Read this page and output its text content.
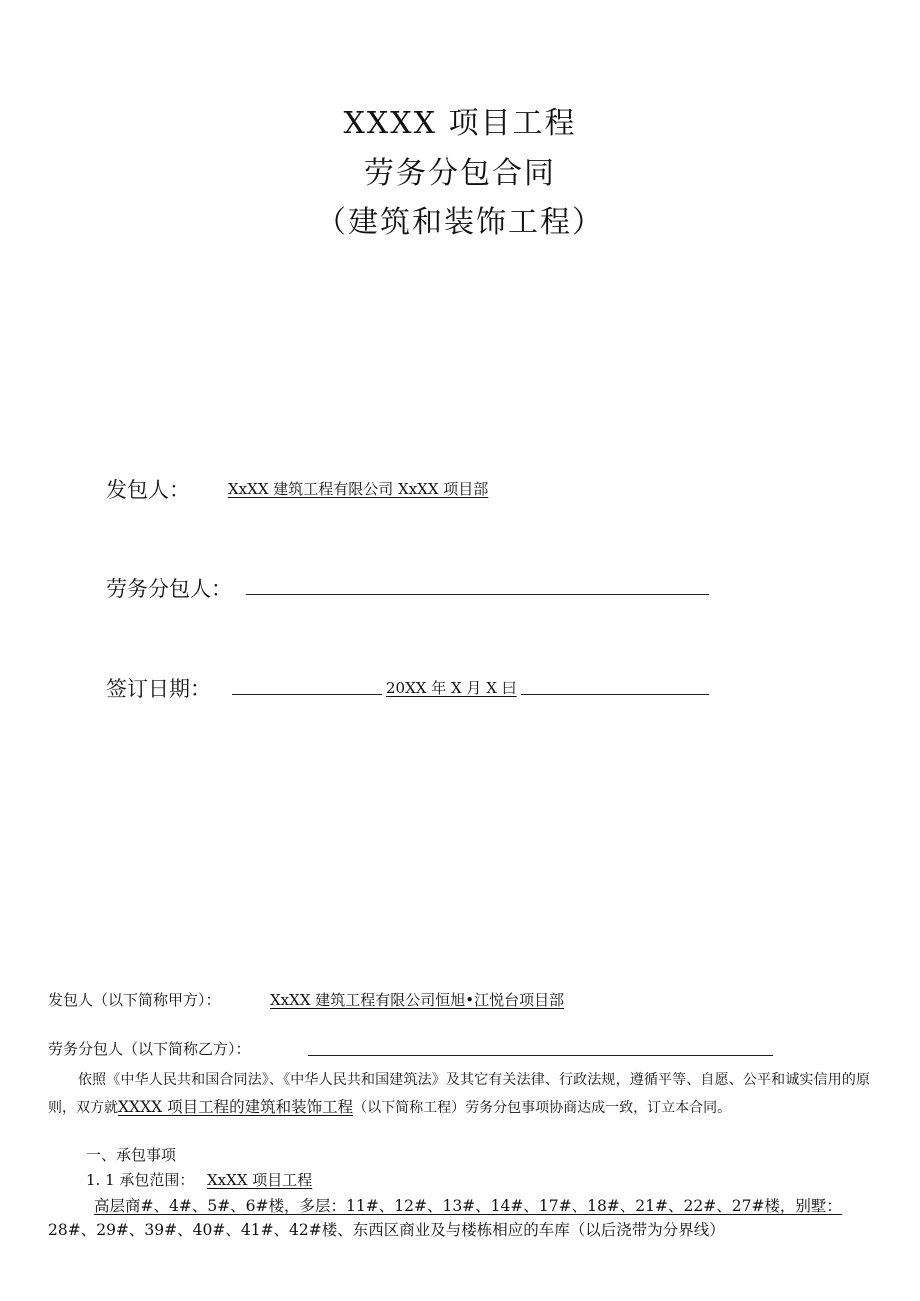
XXXX 项目工程
劳务分包合同
（建筑和装饰工程）
发包人：	XxXX 建筑工程有限公司 XxXX 项目部
劳务分包人：
签订日期：	20XX 年 X 月 X 曰
发包人（以下简称甲方）：	XxXX 建筑工程有限公司恒旭•江悦台项目部
劳务分包人（以下简称乙方）：
依照《中华人民共和国合同法》、《中华人民共和国建筑法》及其它有关法律、行政法规，遵循平等、自愿、公平和诚实信用的原则，双方就XXXX 项目工程的建筑和装饰工程（以下简称工程）劳务分包事项协商达成一致，订立本合同。
一、承包事项
1. 1 承包范围： XxXX 项目工程
高层商#、4#、5#、6#楼，多层：11#、12#、13#、14#、17#、18#、21#、22#、27#楼，别墅：
28#、29#、39#、40#、41#、42#楼、东西区商业及与楼栋相应的车库（以后浇带为分界线）
